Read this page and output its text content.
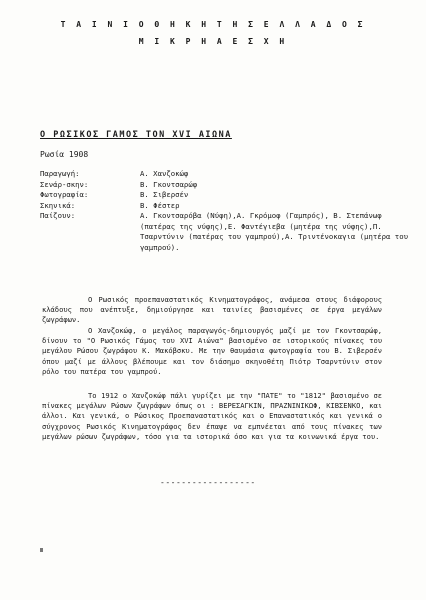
Τ Α Ι Ν Ι Ο Θ Η Κ Η Τ Η Σ Ε Λ Λ Α Δ Ο Σ
Μ Ι Κ Ρ Η Α Ε Σ Χ Η
Ο ΡΩΣΙΚΟΣ ΓΑΜΟΣ ΤΟΝ XVI ΑΙΩΝΑ
Ρωσία 1908
Παραγωγή:	Α. Χανζοκώφ
Σενάρ-σκην:	Β. Γκοντσαρώφ
Φωτογραφία:	Β. Σιβερσέν
Σκηνικά:	Β. Φέστερ
Παίζουν:	Α. Γκοντσαρόβα (Νύφη),Α. Γκρόμοφ (Γαμπρός), Β. Στεπάνωφ (πατέρας της νύφης),Ε. Φαντέγιεβα (μητέρα της νύφης),Π. Τσαρντύνιν (πατέρας του γαμπρού),Α. Τριντένοκαγια (μητέρα του γαμπρού).
Ο Ρωσικός προεπαναστατικός Κινηματογράφος, ανάμεσα στους διάφορους κλάδους που ανέπτυξε, δημιούργησε και ταινίες βασισμένες σε έργα μεγάλων ζωγράφων.
Ο Χανζοκώφ, ο μεγάλος παραγωγός-δημιουργός μαζί με τον Γκοντσαρώφ, δίνουν το "Ο Ρωσικός Γάμος του XVI Αιώνα" βασισμένο σε ιστορικούς πίνακες του μεγάλου Ρώσου ζωγράφου Κ. Μακόβσκυ. Με την θαυμάσια φωτογραφία του Β. Σιβερσέν όπου μαζί με άλλους βλέπουμε και τον διάσημο σκηνοθέτη Πιότρ Τσαρντύνιν στον ρόλο του πατέρα του γαμπρού.
Το 1912 ο Χανζοκώφ πάλι γυρίζει με την "ΠΑΤΕ" το "1812" βασισμένο σε πίνακες μεγάλων Ρώσων ζωγράφων όπως οι : ΒΕΡΕΣΑΓΚΙΝ, ΠΡΑΖΝΙΝΙΚΩΦ, ΚΙΒΣΕΝΚΟ, και άλλοι. Και γενικά, ο Ρώσικος Προεπαναστατικός και ο Επαναστατικός και γενικά ο σύγχρονος Ρωσικός Κινηματογράφος δεν έπαψε να εμπνέεται από τους πίνακες των μεγάλων ρώσων ζωγράφων, τόσο για τα ιστορικά όσο και για τα κοινωνικά έργα του.
------------------
